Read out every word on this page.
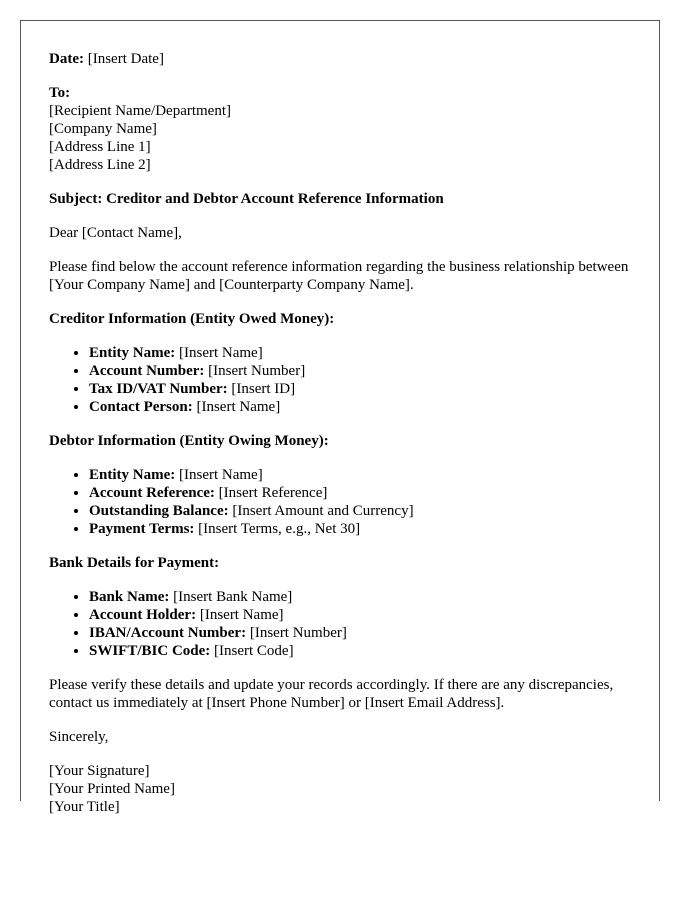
Date: [Insert Date]

To:
[Recipient Name/Department]
[Company Name]
[Address Line 1]
[Address Line 2]

Subject: Creditor and Debtor Account Reference Information

Dear [Contact Name],

Please find below the account reference information regarding the business relationship between [Your Company Name] and [Counterparty Company Name].

Creditor Information (Entity Owed Money):

• Entity Name: [Insert Name]
• Account Number: [Insert Number]
• Tax ID/VAT Number: [Insert ID]
• Contact Person: [Insert Name]

Debtor Information (Entity Owing Money):

• Entity Name: [Insert Name]
• Account Reference: [Insert Reference]
• Outstanding Balance: [Insert Amount and Currency]
• Payment Terms: [Insert Terms, e.g., Net 30]

Bank Details for Payment:

• Bank Name: [Insert Bank Name]
• Account Holder: [Insert Name]
• IBAN/Account Number: [Insert Number]
• SWIFT/BIC Code: [Insert Code]

Please verify these details and update your records accordingly. If there are any discrepancies, contact us immediately at [Insert Phone Number] or [Insert Email Address].

Sincerely,

[Your Signature]
[Your Printed Name]
[Your Title]
